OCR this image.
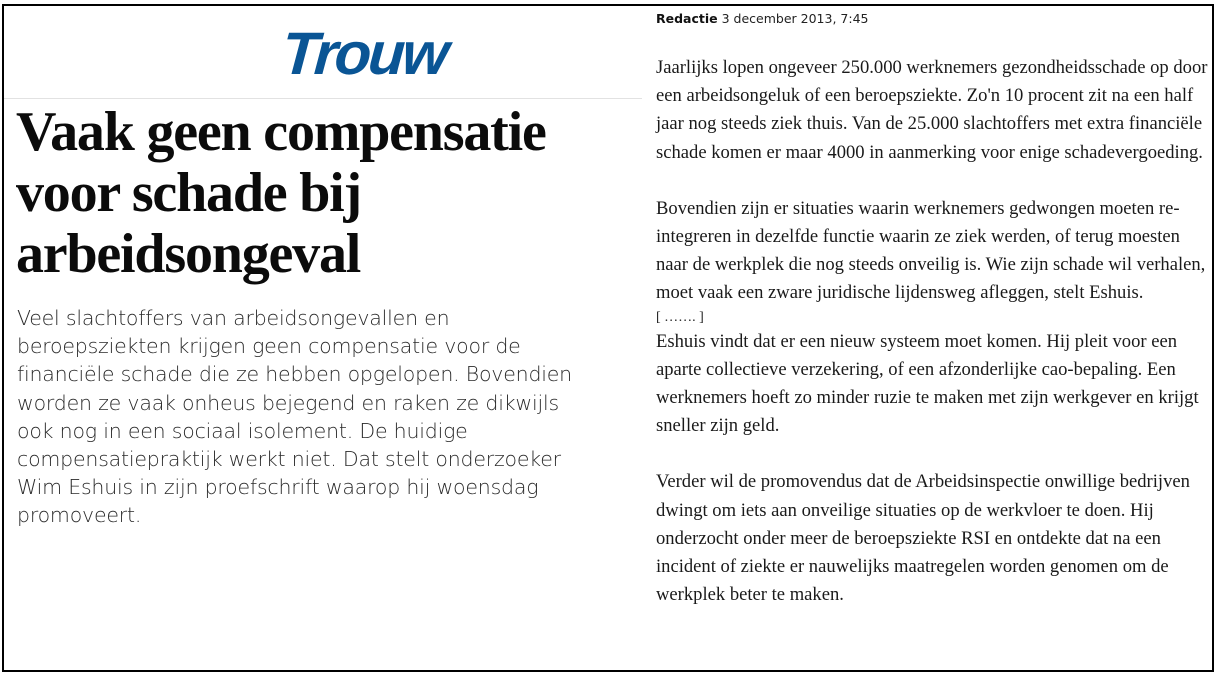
Trouw
Vaak geen compensatie voor schade bij arbeidsongeval

Veel slachtoffers van arbeidsongevallen en beroepsziekten krijgen geen compensatie voor de financiële schade die ze hebben opgelopen. Bovendien worden ze vaak onheus bejegend en raken ze dikwijls ook nog in een sociaal isolement. De huidige compensatiepraktijk werkt niet. Dat stelt onderzoeker Wim Eshuis in zijn proefschrift waarop hij woensdag promoveert.

Redactie 3 december 2013, 7:45

Jaarlijks lopen ongeveer 250.000 werknemers gezondheidsschade op door een arbeidsongeluk of een beroepsziekte. Zo'n 10 procent zit na een half jaar nog steeds ziek thuis. Van de 25.000 slachtoffers met extra financiële schade komen er maar 4000 in aanmerking voor enige schadevergoeding.

Bovendien zijn er situaties waarin werknemers gedwongen moeten re-integreren in dezelfde functie waarin ze ziek werden, of terug moesten naar de werkplek die nog steeds onveilig is. Wie zijn schade wil verhalen, moet vaak een zware juridische lijdensweg afleggen, stelt Eshuis.

[ ……. ]

Eshuis vindt dat er een nieuw systeem moet komen. Hij pleit voor een aparte collectieve verzekering, of een afzonderlijke cao-bepaling. Een werknemers hoeft zo minder ruzie te maken met zijn werkgever en krijgt sneller zijn geld.

Verder wil de promovendus dat de Arbeidsinspectie onwillige bedrijven dwingt om iets aan onveilige situaties op de werkvloer te doen. Hij onderzocht onder meer de beroepsziekte RSI en ontdekte dat na een incident of ziekte er nauwelijks maatregelen worden genomen om de werkplek beter te maken.
